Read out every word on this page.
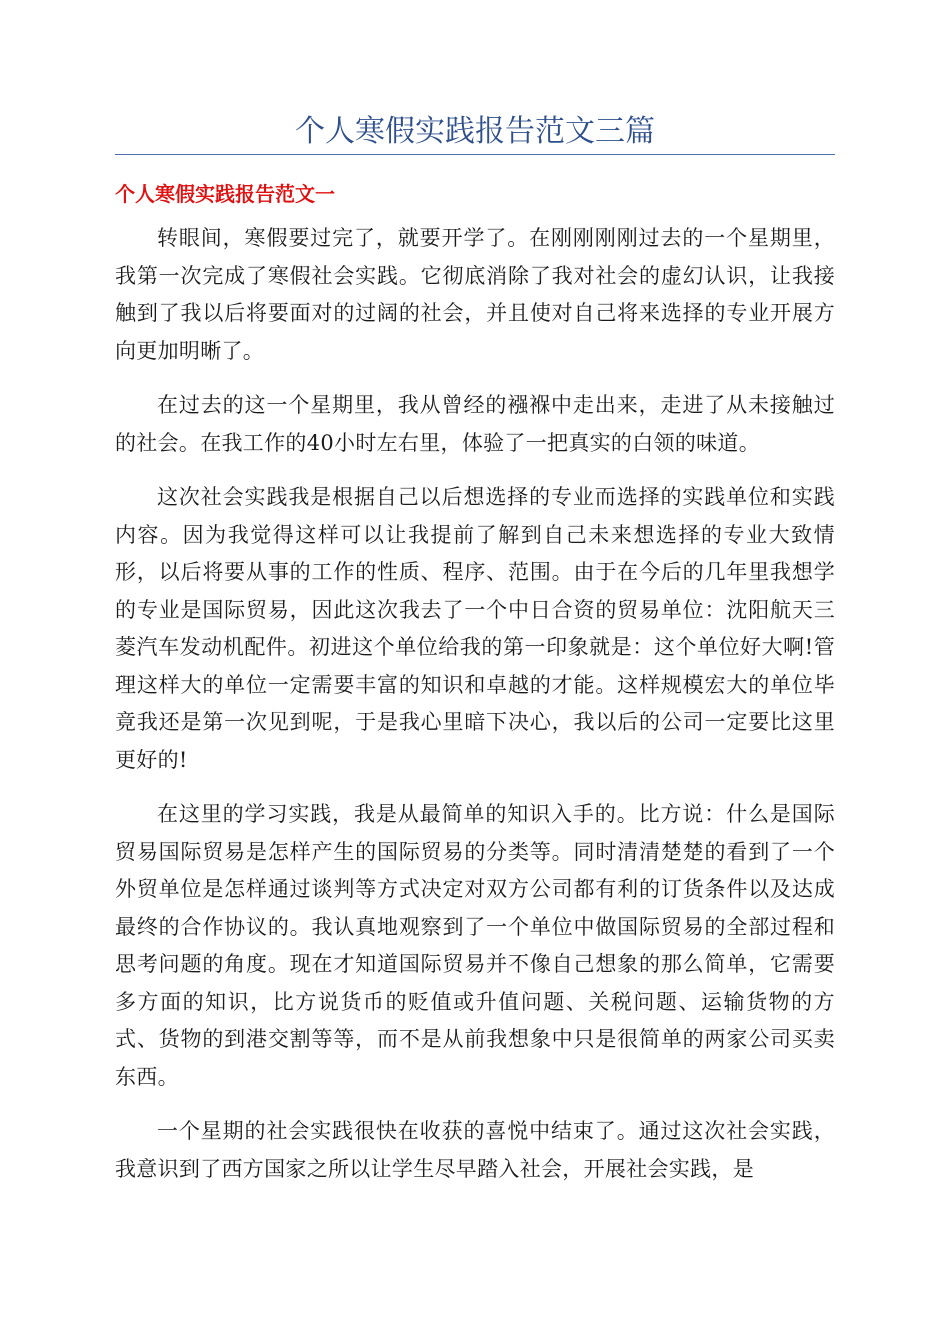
个人寒假实践报告范文三篇
个人寒假实践报告范文一

转眼间，寒假要过完了，就要开学了。在刚刚刚刚过去的一个星期里，我第一次完成了寒假社会实践。它彻底消除了我对社会的虚幻认识，让我接触到了我以后将要面对的过阔的社会，并且使对自己将来选择的专业开展方向更加明晰了。

在过去的这一个星期里，我从曾经的襁褓中走出来，走进了从未接触过的社会。在我工作的40小时左右里，体验了一把真实的白领的味道。

这次社会实践我是根据自己以后想选择的专业而选择的实践单位和实践内容。因为我觉得这样可以让我提前了解到自己未来想选择的专业大致情形，以后将要从事的工作的性质、程序、范围。由于在今后的几年里我想学的专业是国际贸易，因此这次我去了一个中日合资的贸易单位：沈阳航天三菱汽车发动机配件。初进这个单位给我的第一印象就是：这个单位好大啊!管理这样大的单位一定需要丰富的知识和卓越的才能。这样规模宏大的单位毕竟我还是第一次见到呢，于是我心里暗下决心，我以后的公司一定要比这里更好的!

在这里的学习实践，我是从最简单的知识入手的。比方说：什么是国际贸易国际贸易是怎样产生的国际贸易的分类等。同时清清楚楚的看到了一个外贸单位是怎样通过谈判等方式决定对双方公司都有利的订货条件以及达成最终的合作协议的。我认真地观察到了一个单位中做国际贸易的全部过程和思考问题的角度。现在才知道国际贸易并不像自己想象的那么简单，它需要多方面的知识，比方说货币的贬值或升值问题、关税问题、运输货物的方式、货物的到港交割等等，而不是从前我想象中只是很简单的两家公司买卖东西。

一个星期的社会实践很快在收获的喜悦中结束了。通过这次社会实践，我意识到了西方国家之所以让学生尽早踏入社会，开展社会实践，是
